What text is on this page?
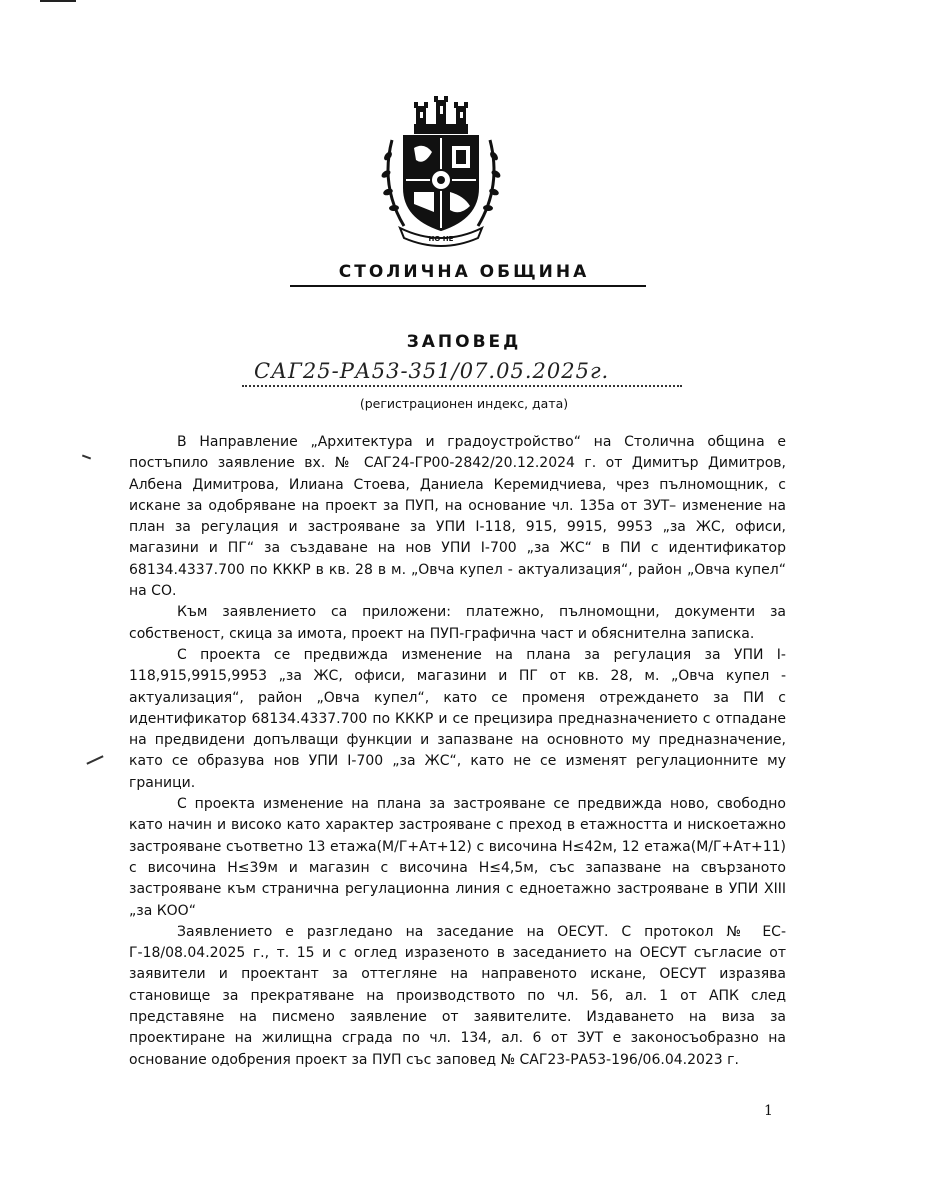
НО НЕ
СТОЛИЧНА ОБЩИНА
ЗАПОВЕД
САГ25-РА53-351/07.05.2025г.
(регистрационен индекс, дата)

В Направление „Архитектура и градоустройство“ на Столична община е постъпило заявление вх. № САГ24-ГР00-2842/20.12.2024 г. от Димитър Димитров, Албена Димитрова, Илиана Стоева, Даниела Керемидчиева, чрез пълномощник, с искане за одобряване на проект за ПУП, на основание чл. 135а от ЗУТ– изменение на план за регулация и застрояване за УПИ I-118, 915, 9915, 9953 „за ЖС, офиси, магазини и ПГ“ за създаване на нов УПИ I-700 „за ЖС“ в ПИ с идентификатор 68134.4337.700 по КККР в кв. 28 в м. „Овча купел - актуализация“, район „Овча купел“ на СО.

Към заявлението са приложени: платежно, пълномощни, документи за собственост, скица за имота, проект на ПУП-графична част и обяснителна записка.

С проекта се предвижда изменение на плана за регулация за УПИ I-118,915,9915,9953 „за ЖС, офиси, магазини и ПГ от кв. 28, м. „Овча купел - актуализация“, район „Овча купел“, като се променя отреждането за ПИ с идентификатор 68134.4337.700 по КККР и се прецизира предназначението с отпадане на предвидени допълващи функции и запазване на основното му предназначение, като се образува нов УПИ I-700 „за ЖС“, като не се изменят регулационните му граници.

С проекта изменение на плана за застрояване се предвижда ново, свободно като начин и високо като характер застрояване с преход в етажността и нискоетажно застрояване съответно 13 етажа(М/Г+Ат+12) с височина Н≤42м, 12 етажа(М/Г+Ат+11) с височина Н≤39м и магазин с височина Н≤4,5м, със запазване на свързаното застрояване към странична регулационна линия с едноетажно застрояване в УПИ XIII „за КОО“

Заявлението е разгледано на заседание на ОЕСУТ. С протокол № ЕС-Г-18/08.04.2025 г., т. 15 и с оглед изразеното в заседанието на ОЕСУТ съгласие от заявители и проектант за оттегляне на направеното искане, ОЕСУТ изразява становище за прекратяване на производството по чл. 56, ал. 1 от АПК след представяне на писмено заявление от заявителите. Издаването на виза за проектиране на жилищна сграда по чл. 134, ал. 6 от ЗУТ е законосъобразно на основание одобрения проект за ПУП със заповед № САГ23-РА53-196/06.04.2023 г.

1
